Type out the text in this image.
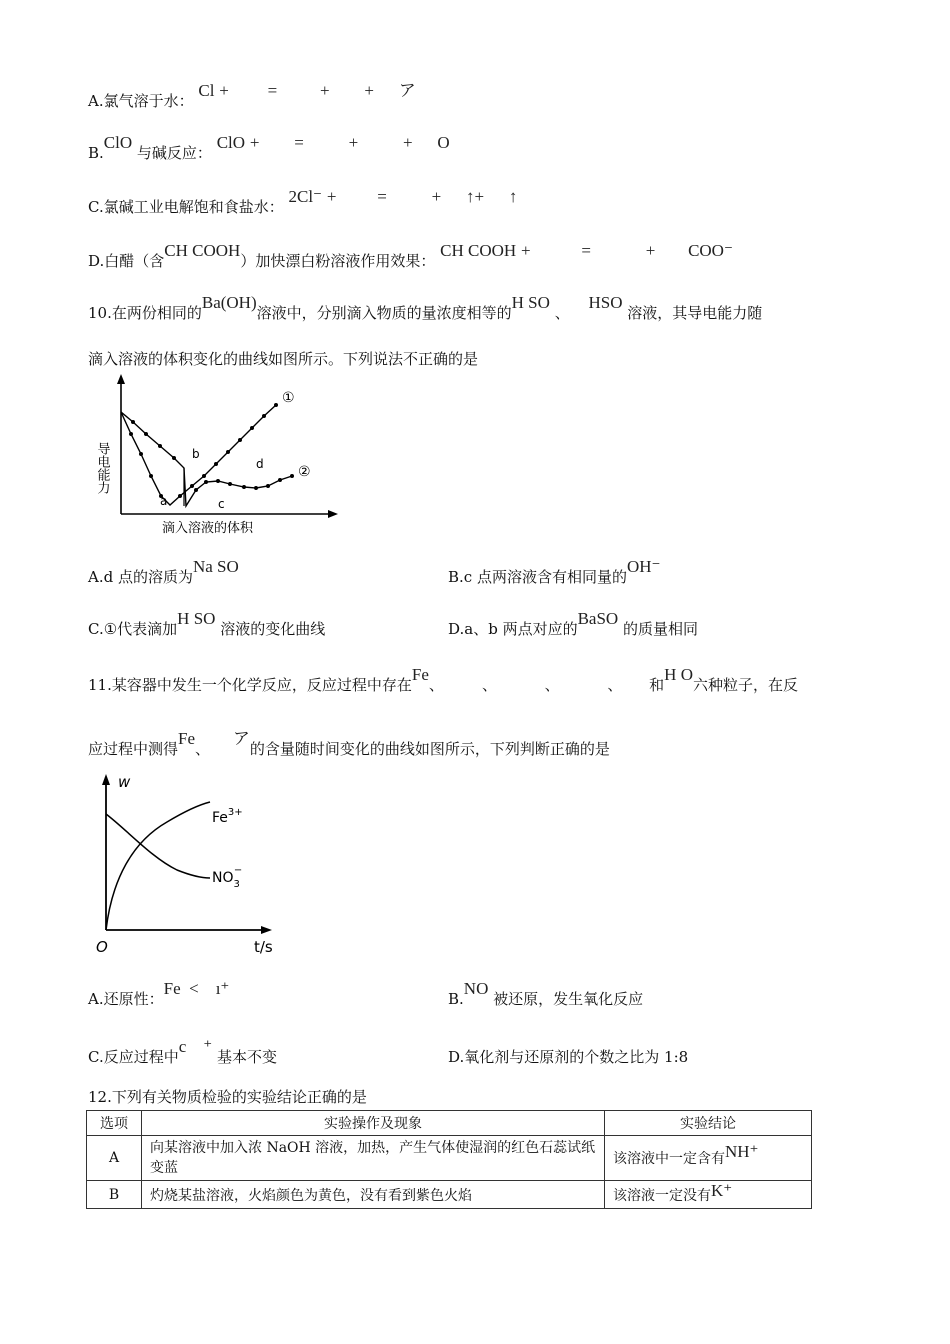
A.氯气溶于水： Cl + =	+ + ア
B.ClO 与碱反应： ClO + =	+	+ O
C.氯碱工业电解饱和食盐水： 2Cl⁻ + =	+ ↑+ ↑
D.白醋（含CH COOH）加快漂白粉溶液作用效果： CH COOH +	=	+ COO⁻
10.在两份相同的Ba(OH)溶液中，分别滴入物质的量浓度相等的H SO 、 HSO 溶液，其导电能力随
滴入溶液的体积变化的曲线如图所示。下列说法不正确的是
导电能力
滴入溶液的体积
①
②
a
b
c
d
A.d 点的溶质为Na SO
B.c 点两溶液含有相同量的OH⁻
C.①代表滴加H SO 溶液的变化曲线	D.a、b 两点对应的BaSO 的质量相同
11.某容器中发生一个化学反应，反应过程中存在Fe、        、          、          、 和H O六种粒子，在反
应过程中测得Fe、 ア的含量随时间变化的曲线如图所示，下列判断正确的是
w
O	t/s
$Fe^{3+}$
$NO_3-$
A.还原性：Fe  <    ı⁺
B.NO 被还原，发生氧化反应
C.反应过程中c    ⁺ 基本不变	D.氧化剂与还原剂的个数之比为 1:8
12.下列有关物质检验的实验结论正确的是
选项	实验操作及现象	实验结论
A	向某溶液中加入浓 NaOH 溶液，加热，产生气体使湿润的红色石蕊试纸变蓝	该溶液中一定含有NH⁺
B	灼烧某盐溶液，火焰颜色为黄色，没有看到紫色火焰	该溶液一定没有K⁺
